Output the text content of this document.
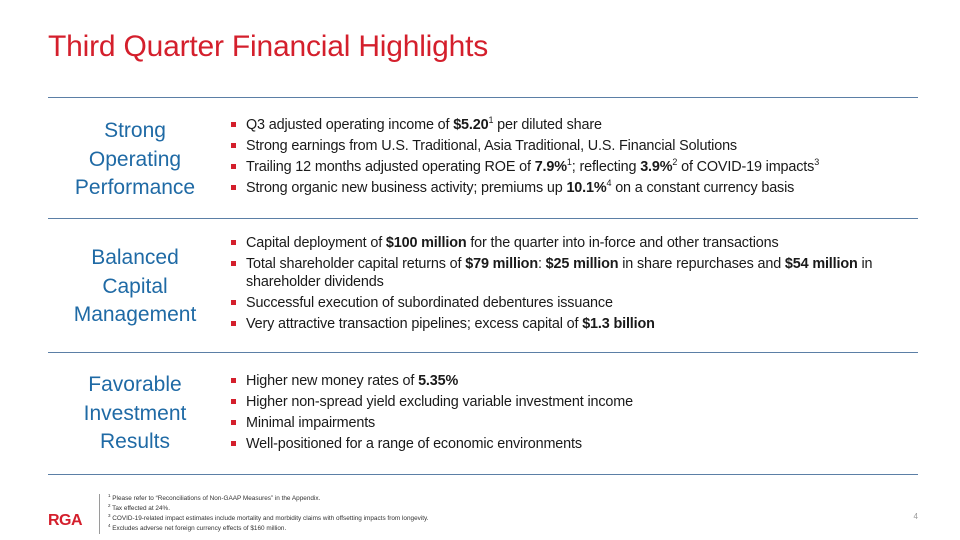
Third Quarter Financial Highlights
Strong
Operating
Performance
Q3 adjusted operating income of $5.20$^1$ per diluted share
Strong earnings from U.S. Traditional, Asia Traditional, U.S. Financial Solutions
Trailing 12 months adjusted operating ROE of 7.9%$^1$; reflecting 3.9%$^2$ of COVID-19 impacts$^3$
Strong organic new business activity; premiums up 10.1%$^4$ on a constant currency basis
Balanced
Capital
Management
Capital deployment of $100 million for the quarter into in-force and other transactions
Total shareholder capital returns of $79 million: $25 million in share repurchases and $54 million in shareholder dividends
Successful execution of subordinated debentures issuance
Very attractive transaction pipelines; excess capital of $1.3 billion
Favorable
Investment
Results
Higher new money rates of 5.35%
Higher non-spread yield excluding variable investment income
Minimal impairments
Well-positioned for a range of economic environments
RGA
$^1$ Please refer to “Reconciliations of Non-GAAP Measures” in the Appendix.
$^2$ Tax effected at 24%.
$^3$ COVID-19-related impact estimates include mortality and morbidity claims with offsetting impacts from longevity.
$^4$ Excludes adverse net foreign currency effects of $160 million.
4
